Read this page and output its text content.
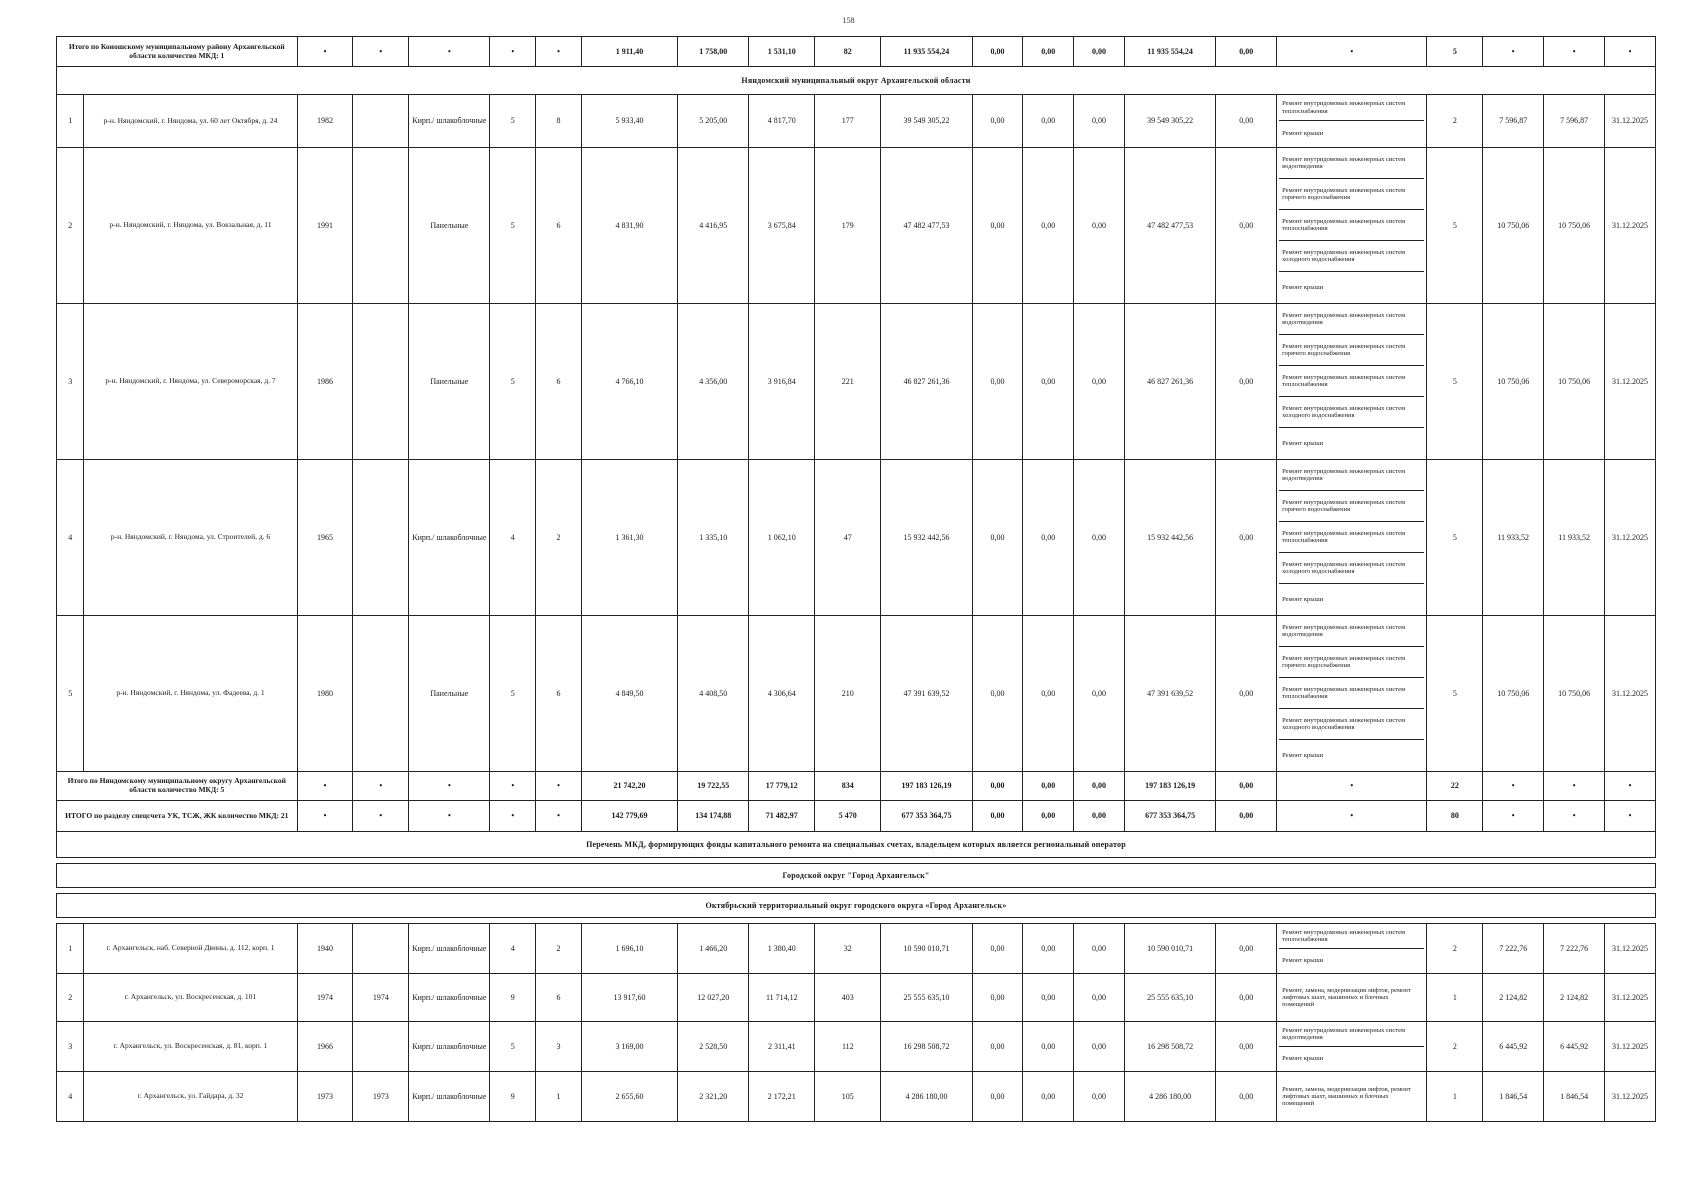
158
Итого по Коношскому муниципальному району Архангельской области количество МКД: 1		•	•	•	•	•	1 911,40	1 758,00	1 531,10	82	11 935 554,24	0,00	0,00	0,00	11 935 554,24	0,00	•	5	•	•	•
Няндомский муниципальный округ Архангельской области																					
1	р-н. Няндомский, г. Няндома, ул. 60 лет Октября, д. 24	1982		Кирп./ шлакоблочные	5	8	5 933,40	5 205,00	4 817,70	177	39 549 305,22	0,00	0,00	0,00	39 549 305,22	0,00	Ремонт внутридомовых инженерных систем теплоснабжения
Ремонт крыши	2	7 596,87	7 596,87	31.12.2025
2	р-н. Няндомский, г. Няндома, ул. Вокзальная, д. 11	1991		Панельные	5	6	4 831,90	4 416,95	3 675,84	179	47 482 477,53	0,00	0,00	0,00	47 482 477,53	0,00	Ремонт внутридомовых инженерных систем водоотведения
Ремонт внутридомовых инженерных систем горячего водоснабжения
Ремонт внутридомовых инженерных систем теплоснабжения
Ремонт внутридомовых инженерных систем холодного водоснабжения
Ремонт крыши	5	10 750,06	10 750,06	31.12.2025
3	р-н. Няндомский, г. Няндома, ул. Североморская, д. 7	1986		Панельные	5	6	4 766,10	4 356,00	3 916,84	221	46 827 261,36	0,00	0,00	0,00	46 827 261,36	0,00	Ремонт внутридомовых инженерных систем водоотведения
Ремонт внутридомовых инженерных систем горячего водоснабжения
Ремонт внутридомовых инженерных систем теплоснабжения
Ремонт внутридомовых инженерных систем холодного водоснабжения
Ремонт крыши	5	10 750,06	10 750,06	31.12.2025
4	р-н. Няндомский, г. Няндома, ул. Строителей, д. 6	1965		Кирп./ шлакоблочные	4	2	1 361,30	1 335,10	1 062,10	47	15 932 442,56	0,00	0,00	0,00	15 932 442,56	0,00	Ремонт внутридомовых инженерных систем водоотведения
Ремонт внутридомовых инженерных систем горячего водоснабжения
Ремонт внутридомовых инженерных систем теплоснабжения
Ремонт внутридомовых инженерных систем холодного водоснабжения
Ремонт крыши	5	11 933,52	11 933,52	31.12.2025
5	р-н. Няндомский, г. Няндома, ул. Фадеева, д. 1	1980		Панельные	5	6	4 849,50	4 408,50	4 306,64	210	47 391 639,52	0,00	0,00	0,00	47 391 639,52	0,00	Ремонт внутридомовых инженерных систем водоотведения
Ремонт внутридомовых инженерных систем горячего водоснабжения
Ремонт внутридомовых инженерных систем теплоснабжения
Ремонт внутридомовых инженерных систем холодного водоснабжения
Ремонт крыши	5	10 750,06	10 750,06	31.12.2025
Итого по Няндомскому муниципальному округу Архангельской области количество МКД: 5		•	•	•	•	•	21 742,20	19 722,55	17 779,12	834	197 183 126,19	0,00	0,00	0,00	197 183 126,19	0,00	•	22	•	•	•
ИТОГО по разделу спецсчета УК, ТСЖ, ЖК количество МКД: 21		•	•	•	•	•	142 779,69	134 174,88	71 482,97	5 470	677 353 364,75	0,00	0,00	0,00	677 353 364,75	0,00	•	80	•	•	•
Перечень МКД, формирующих фонды капитального ремонта на специальных счетах, владельцем которых является региональный оператор																					

Городской округ "Город Архангельск"																					

Октябрьский территориальный округ городского округа «Город Архангельск»																					

1	г. Архангельск, наб. Северной Двины, д. 112, корп. 1	1940		Кирп./ шлакоблочные	4	2	1 696,10	1 466,20	1 380,40	32	10 590 010,71	0,00	0,00	0,00	10 590 010,71	0,00	Ремонт внутридомовых инженерных систем теплоснабжения
Ремонт крыши	2	7 222,76	7 222,76	31.12.2025
2	г. Архангельск, ул. Воскресенская, д. 101	1974	1974	Кирп./ шлакоблочные	9	6	13 917,60	12 027,20	11 714,12	403	25 555 635,10	0,00	0,00	0,00	25 555 635,10	0,00	Ремонт, замена, модернизация лифтов, ремонт лифтовых шахт, машинных и блочных помещений	1	2 124,82	2 124,82	31.12.2025
3	г. Архангельск, ул. Воскресенская, д. 81, корп. 1	1966		Кирп./ шлакоблочные	5	3	3 169,00	2 528,50	2 311,41	112	16 298 508,72	0,00	0,00	0,00	16 298 508,72	0,00	Ремонт внутридомовых инженерных систем водоотведения
Ремонт крыши	2	6 445,92	6 445,92	31.12.2025
4	г. Архангельск, ул. Гайдара, д. 32	1973	1973	Кирп./ шлакоблочные	9	1	2 655,60	2 321,20	2 172,21	105	4 286 180,00	0,00	0,00	0,00	4 286 180,00	0,00	Ремонт, замена, модернизация лифтов, ремонт лифтовых шахт, машинных и блочных помещений	1	1 846,54	1 846,54	31.12.2025
